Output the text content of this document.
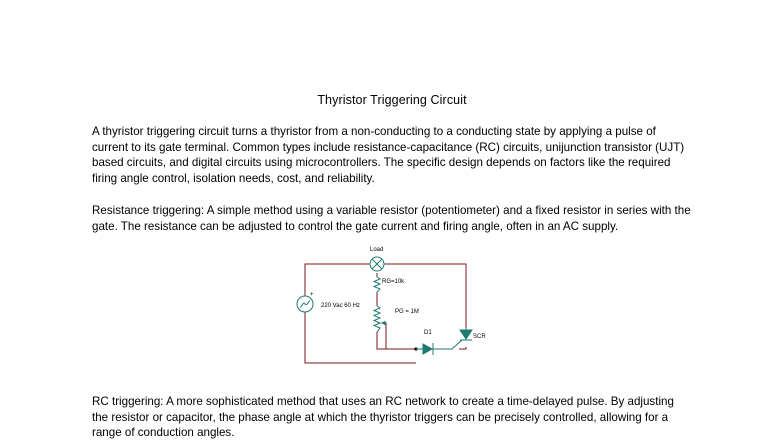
Thyristor Triggering Circuit

A thyristor triggering circuit turns a thyristor from a non-conducting to a conducting state by applying a pulse of current to its gate terminal. Common types include resistance-capacitance (RC) circuits, unijunction transistor (UJT) based circuits, and digital circuits using microcontrollers. The specific design depends on factors like the required firing angle control, isolation needs, cost, and reliability.

Resistance triggering: A simple method using a variable resistor (potentiometer) and a fixed resistor in series with the gate. The resistance can be adjusted to control the gate current and firing angle, often in an AC supply.

Load
RG=10k
+
220 Vac 60 Hz
PG = 1M
D1
SCR

RC triggering: A more sophisticated method that uses an RC network to create a time-delayed pulse. By adjusting the resistor or capacitor, the phase angle at which the thyristor triggers can be precisely controlled, allowing for a range of conduction angles.
